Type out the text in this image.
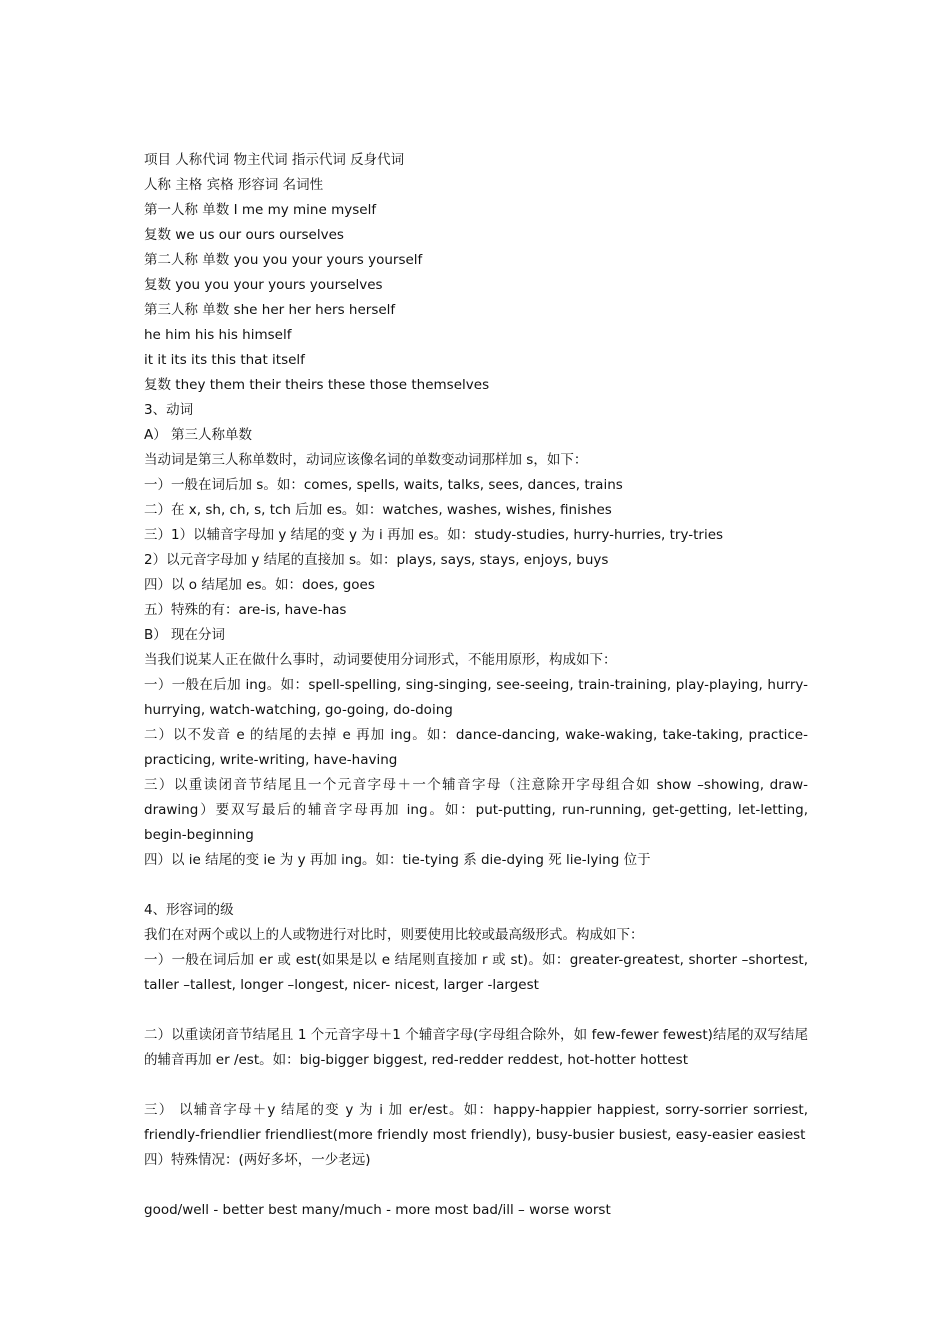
项目 人称代词 物主代词 指示代词 反身代词

人称 主格 宾格 形容词 名词性

第一人称 单数 I me my mine myself

复数 we us our ours ourselves

第二人称 单数 you you your yours yourself

复数 you you your yours yourselves

第三人称 单数 she her her hers herself

he him his his himself

it it its its this that itself

复数 they them their theirs these those themselves

3、动词

A） 第三人称单数

当动词是第三人称单数时，动词应该像名词的单数变动词那样加 s，如下：

一）一般在词后加 s。如：comes, spells, waits, talks, sees, dances, trains

二）在 x, sh, ch, s, tch 后加 es。如：watches, washes, wishes, finishes

三）1）以辅音字母加 y 结尾的变 y 为 i 再加 es。如：study-studies, hurry-hurries, try-tries

2）以元音字母加 y 结尾的直接加 s。如：plays, says, stays, enjoys, buys

四）以 o 结尾加 es。如：does, goes

五）特殊的有：are-is, have-has

B） 现在分词

当我们说某人正在做什么事时，动词要使用分词形式，不能用原形，构成如下：

一）一般在后加 ing。如：spell-spelling, sing-singing, see-seeing, train-training, play-playing, hurry-hurrying, watch-watching, go-going, do-doing

二）以不发音 e 的结尾的去掉 e 再加 ing。如：dance-dancing, wake-waking, take-taking, practice-practicing, write-writing, have-having

三）以重读闭音节结尾且一个元音字母＋一个辅音字母（注意除开字母组合如 show –showing, draw-drawing）要双写最后的辅音字母再加 ing。如：put-putting, run-running, get-getting, let-letting, begin-beginning

四）以 ie 结尾的变 ie 为 y 再加 ing。如：tie-tying 系 die-dying 死 lie-lying 位于

4、形容词的级

我们在对两个或以上的人或物进行对比时，则要使用比较或最高级形式。构成如下：

一）一般在词后加 er 或 est(如果是以 e 结尾则直接加 r 或 st)。如：greater-greatest, shorter –shortest, taller –tallest, longer –longest, nicer- nicest, larger -largest

二）以重读闭音节结尾且 1 个元音字母＋1 个辅音字母(字母组合除外，如 few-fewer fewest)结尾的双写结尾的辅音再加 er /est。如：big-bigger biggest, red-redder reddest, hot-hotter hottest

三） 以辅音字母＋y 结尾的变 y 为 i 加 er/est。如：happy-happier happiest, sorry-sorrier sorriest, friendly-friendlier friendliest(more friendly most friendly), busy-busier busiest, easy-easier easiest

四）特殊情况：(两好多坏，一少老远)

good/well - better best many/much - more most bad/ill – worse worst
